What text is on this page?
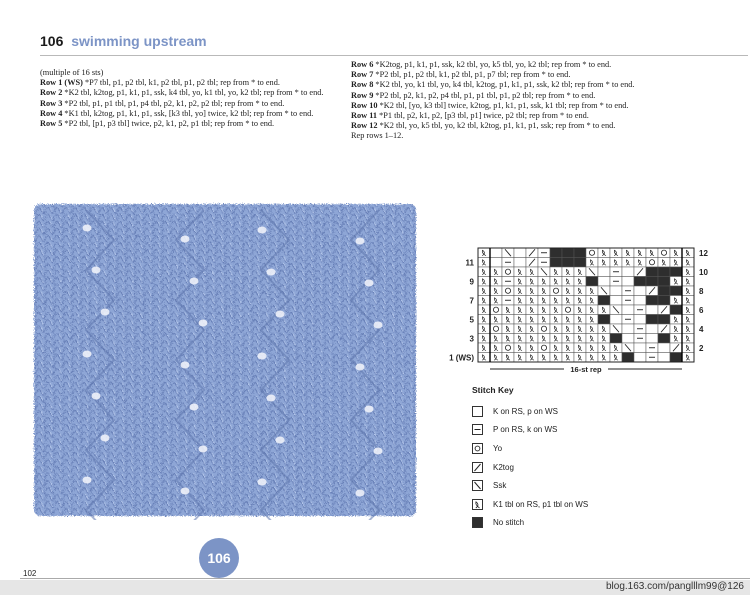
106 swimming upstream
(multiple of 16 sts)
Row 1 (WS) *P7 tbl, p1, p2 tbl, k1, p2 tbl, p1, p2 tbl; rep from * to end.
Row 2 *K2 tbl, k2tog, p1, k1, p1, ssk, k4 tbl, yo, k1 tbl, yo, k2 tbl; rep from * to end.
Row 3 *P2 tbl, p1, p1 tbl, p1, p4 tbl, p2, k1, p2, p2 tbl; rep from * to end.
Row 4 *K1 tbl, k2tog, p1, k1, p1, ssk, [k3 tbl, yo] twice, k2 tbl; rep from * to end.
Row 5 *P2 tbl, [p1, p3 tbl] twice, p2, k1, p2, p1 tbl; rep from * to end.
Row 6 *K2tog, p1, k1, p1, ssk, k2 tbl, yo, k5 tbl, yo, k2 tbl; rep from * to end.
Row 7 *P2 tbl, p1, p2 tbl, k1, p2 tbl, p1, p7 tbl; rep from * to end.
Row 8 *K2 tbl, yo, k1 tbl, yo, k4 tbl, k2tog, p1, k1, p1, ssk, k2 tbl; rep from * to end.
Row 9 *P2 tbl, p2, k1, p2, p4 tbl, p1, p1 tbl, p1, p2 tbl; rep from * to end.
Row 10 *K2 tbl, [yo, k3 tbl] twice, k2tog, p1, k1, p1, ssk, k1 tbl; rep from * to end.
Row 11 *P1 tbl, p2, k1, p2, [p3 tbl, p1] twice, p2 tbl; rep from * to end.
Row 12 *K2 tbl, yo, k5 tbl, yo, k2 tbl, k2tog, p1, k1, p1, ssk; rep from * to end.
Rep rows 1–12.
11
9
7
5
3
1 (WS)
12
10
8
6
4
2
16-st rep
Stitch Key
K on RS, p on WS
P on RS, k on WS
Yo
K2tog
Ssk
K1 tbl on RS, p1 tbl on WS
No stitch
106
102
blog.163.com/panglllm99@126
